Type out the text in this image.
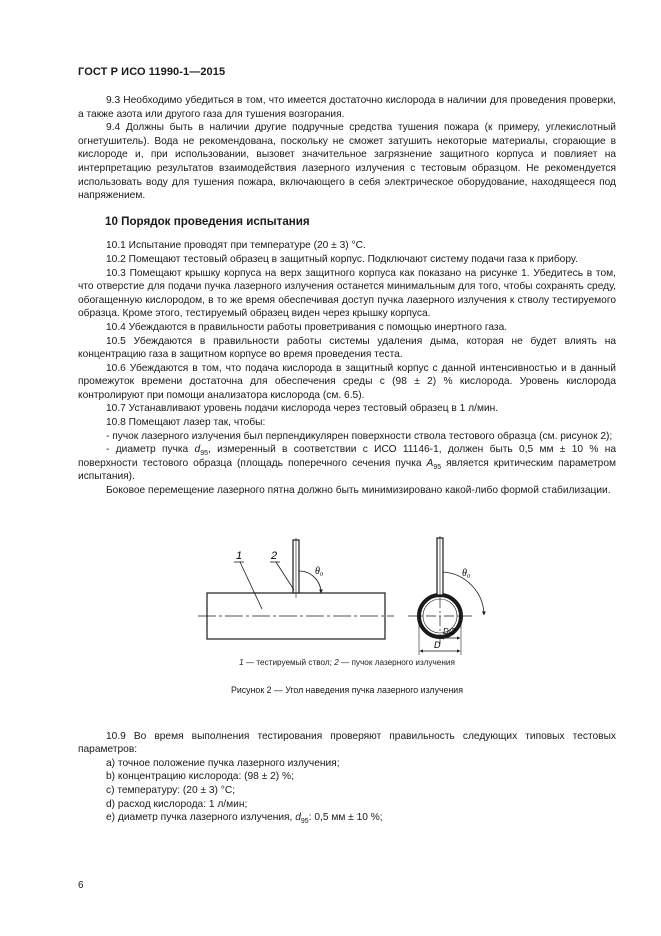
ГОСТ Р ИСО 11990-1—2015

9.3 Необходимо убедиться в том, что имеется достаточно кислорода в наличии для проведения проверки, а также азота или другого газа для тушения возгорания.

9.4 Должны быть в наличии другие подручные средства тушения пожара (к примеру, углекислотный огнетушитель). Вода не рекомендована, поскольку не сможет затушить некоторые материалы, сгорающие в кислороде и, при использовании, вызовет значительное загрязнение защитного корпуса и повлияет на интерпретацию результатов взаимодействия лазерного излучения с тестовым образцом. Не рекомендуется использовать воду для тушения пожара, включающего в себя электрическое оборудование, находящееся под напряжением.

10 Порядок проведения испытания

10.1 Испытание проводят при температуре (20 ± 3) °С.

10.2 Помещают тестовый образец в защитный корпус. Подключают систему подачи газа к прибору.

10.3 Помещают крышку корпуса на верх защитного корпуса как показано на рисунке 1. Убедитесь в том, что отверстие для подачи пучка лазерного излучения останется минимальным для того, чтобы сохранять среду, обогащенную кислородом, в то же время обеспечивая доступ пучка лазерного излучения к стволу тестируемого образца. Кроме этого, тестируемый образец виден через крышку корпуса.

10.4 Убеждаются в правильности работы проветривания с помощью инертного газа.

10.5 Убеждаются в правильности работы системы удаления дыма, которая не будет влиять на концентрацию газа в защитном корпусе во время проведения теста.

10.6 Убеждаются в том, что подача кислорода в защитный корпус с данной интенсивностью и в данный промежуток времени достаточна для обеспечения среды с (98 ± 2) % кислорода. Уровень кислорода контролируют при помощи анализатора кислорода (см. 6.5).

10.7 Устанавливают уровень подачи кислорода через тестовый образец в 1 л/мин.

10.8 Помещают лазер так, чтобы:

- пучок лазерного излучения был перпендикулярен поверхности ствола тестового образца (см. рисунок 2);

- диаметр пучка $d_{95}$, измеренный в соответствии с ИСО 11146-1, должен быть 0,5 мм ± 10 % на поверхности тестового образца (площадь поперечного сечения пучка $A_{95}$ является критическим параметром испытания).

Боковое перемещение лазерного пятна должно быть минимизировано какой-либо формой стабилизации.

1	2
θ₀	θ₀
D/2
D
1 — тестируемый ствол; 2 — пучок лазерного излучения
Рисунок 2 — Угол наведения пучка лазерного излучения

10.9 Во время выполнения тестирования проверяют правильность следующих типовых тестовых параметров:

a) точное положение пучка лазерного излучения;

b) концентрацию кислорода: (98 ± 2) %;

c) температуру: (20 ± 3) °С;

d) расход кислорода: 1 л/мин;

e) диаметр пучка лазерного излучения, $d_{95}$: 0,5 мм ± 10 %;

6
